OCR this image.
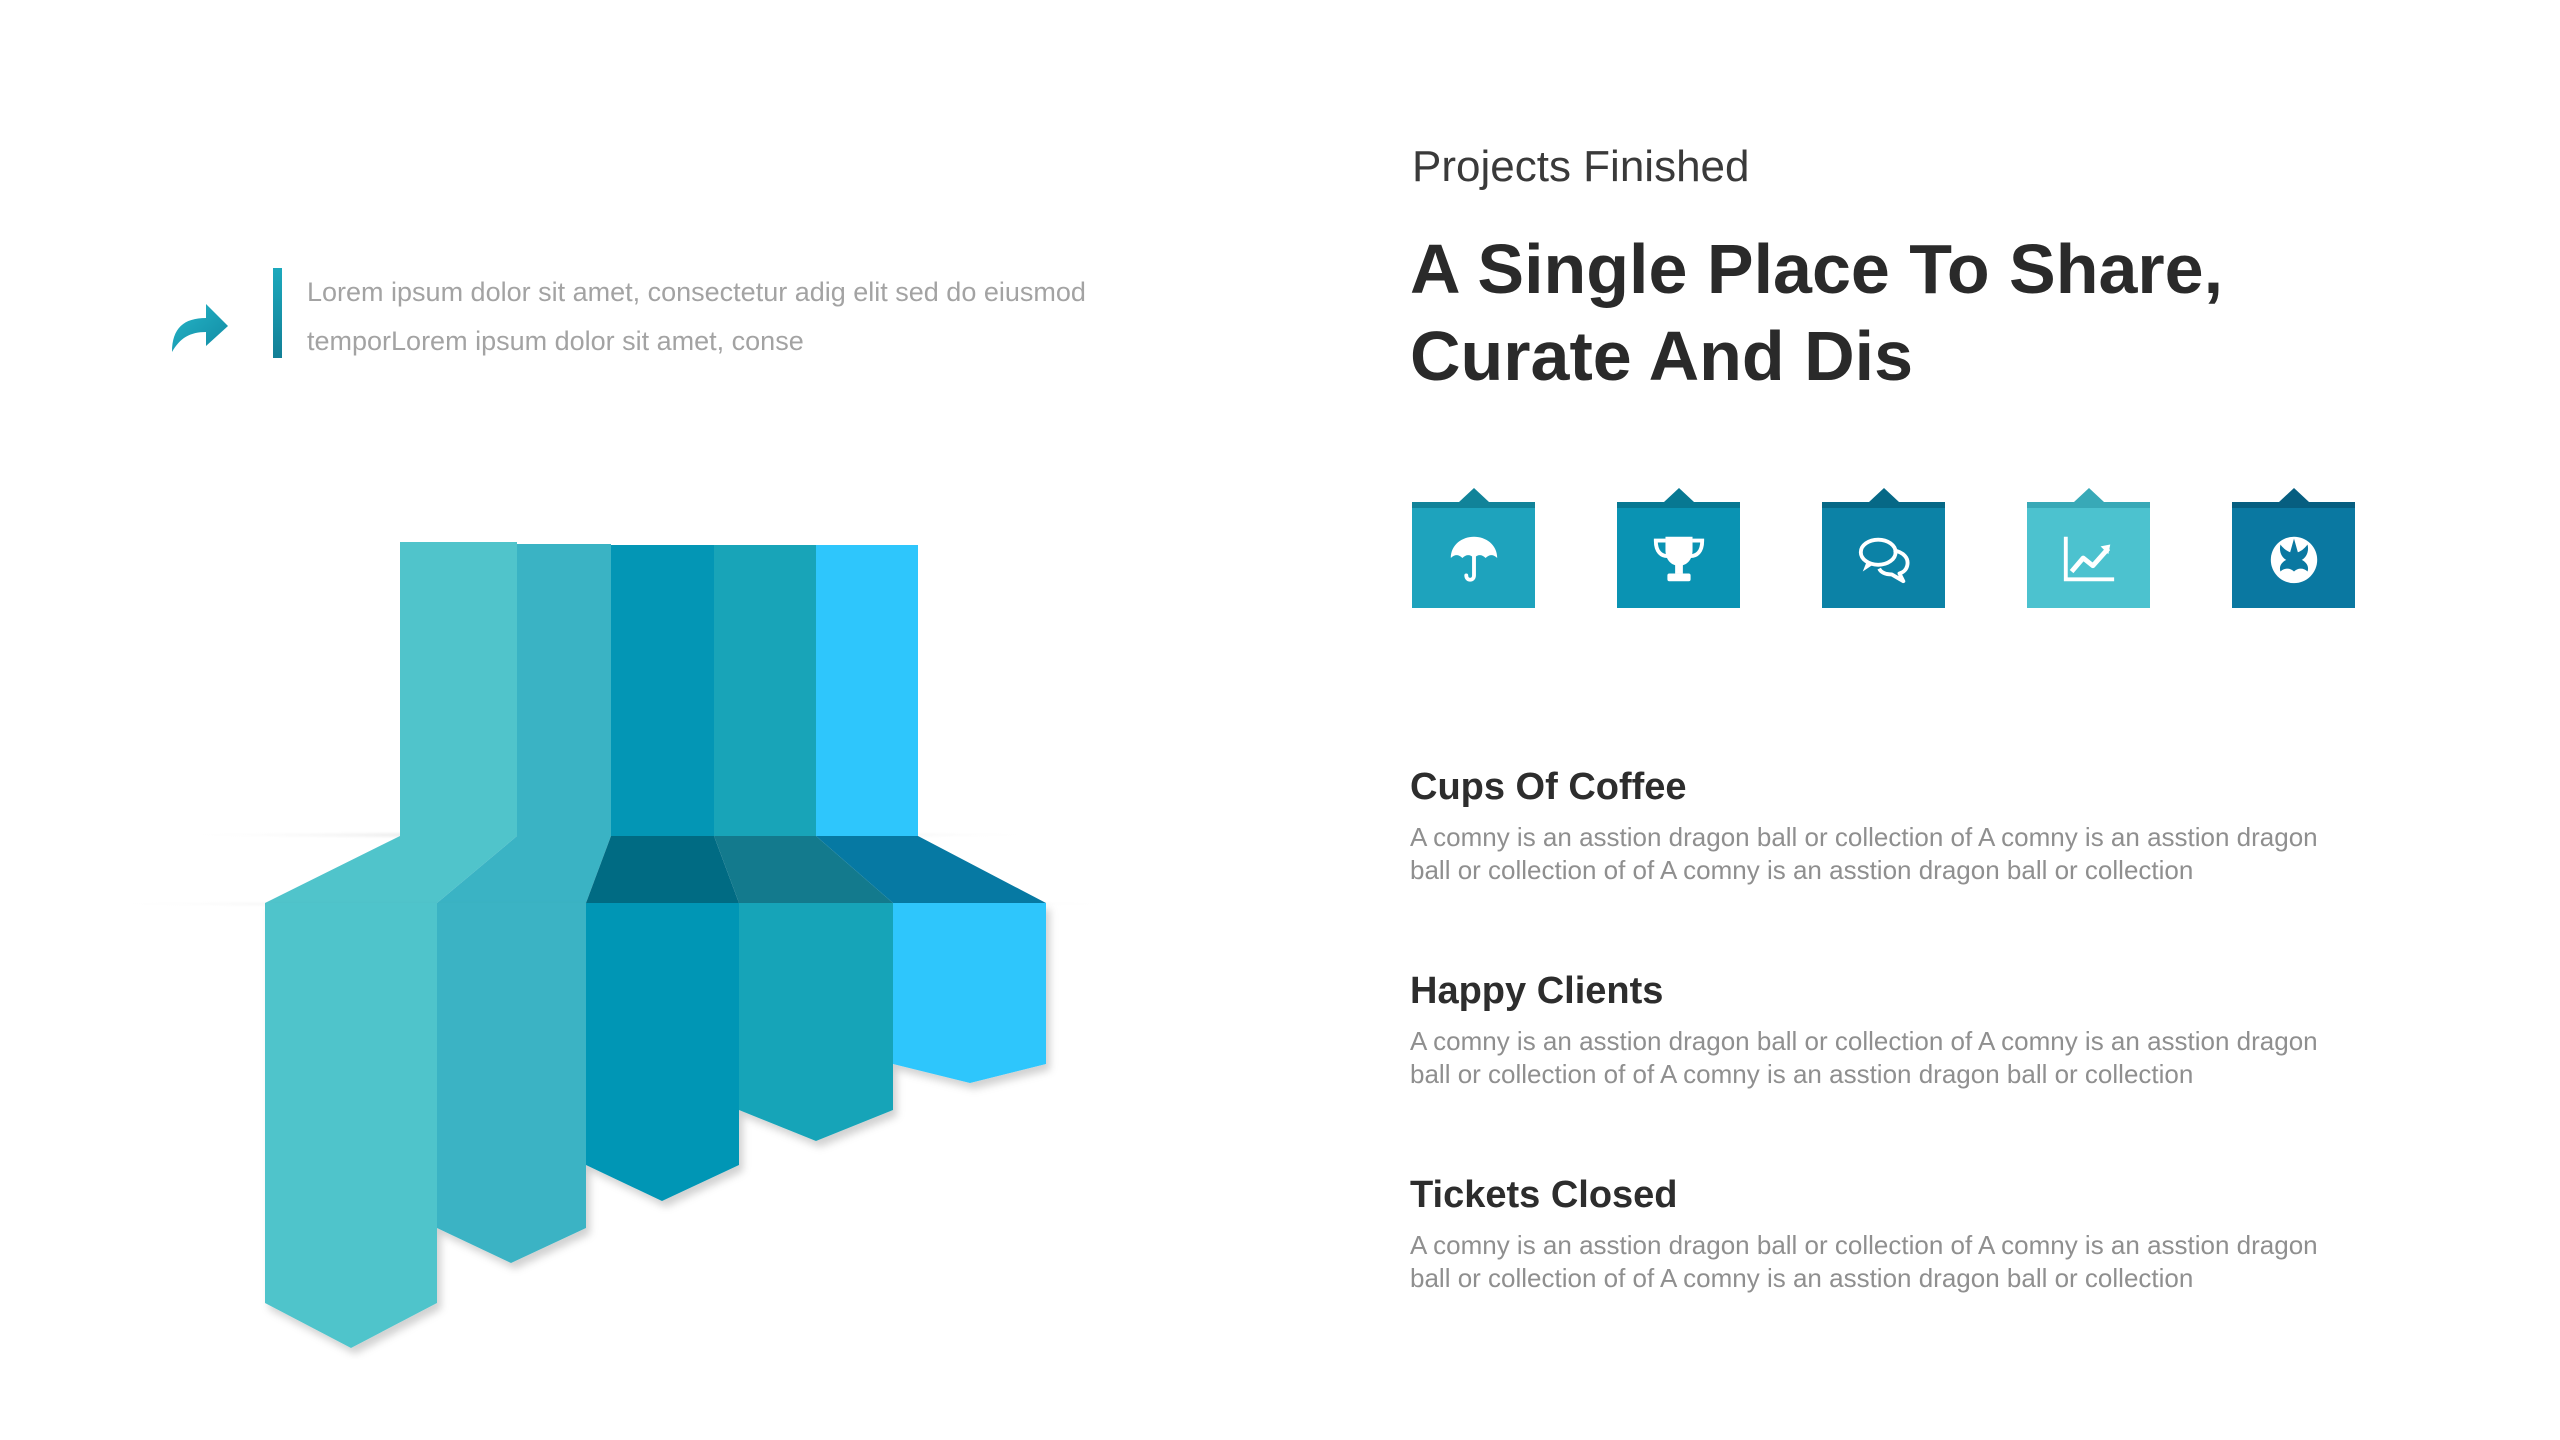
Lorem ipsum dolor sit amet, consectetur adig elit sed do eiusmod
temporLorem ipsum dolor sit amet, conse
Projects Finished
A Single Place To Share,
Curate And Dis
Cups Of Coffee

A comny is an asstion dragon ball or collection of A comny is an asstion dragon
ball or collection of of A comny is an asstion dragon ball or collection

Happy Clients

A comny is an asstion dragon ball or collection of A comny is an asstion dragon
ball or collection of of A comny is an asstion dragon ball or collection

Tickets Closed

A comny is an asstion dragon ball or collection of A comny is an asstion dragon
ball or collection of of A comny is an asstion dragon ball or collection
